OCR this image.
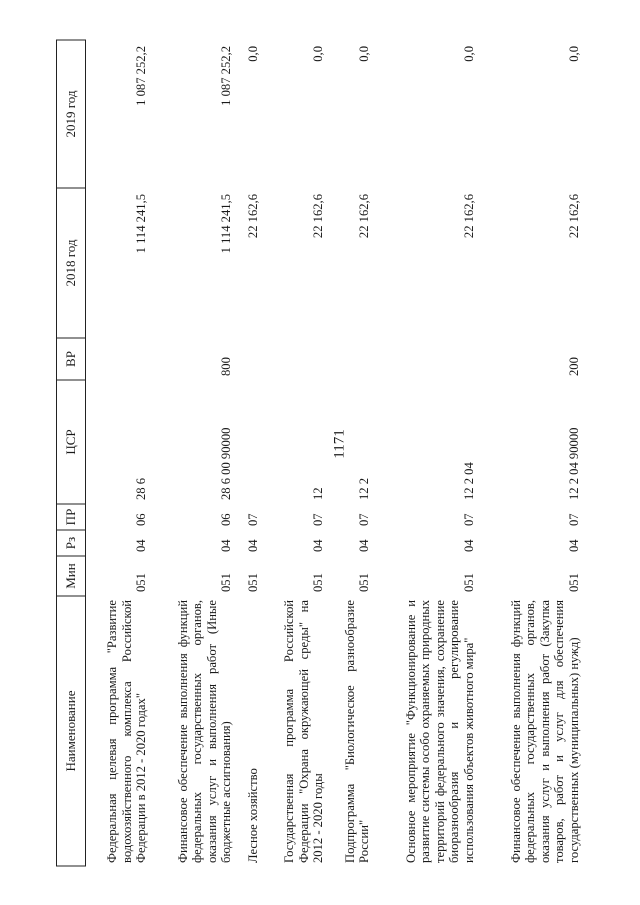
1171
Наименование	Мин	Рз	ПР	ЦСР	ВР	2018 год	2019 год
Федеральная целевая программа "Развитие водохозяйственного комплекса Российской Федерации в 2012 - 2020 годах"	051	04	06	28 6		1 114 241,5	1 087 252,2
Финансовое обеспечение выполнения функций федеральных государственных органов, оказания услуг и выполнения работ (Иные бюджетные ассигнования)	051	04	06	28 6 00 90000	800	1 114 241,5	1 087 252,2
Лесное хозяйство	051	04	07			22 162,6	0,0
Государственная программа Российской Федерации "Охрана окружающей среды" на 2012 - 2020 годы	051	04	07	12		22 162,6	0,0
Подпрограмма "Биологическое разнообразие России"	051	04	07	12 2		22 162,6	0,0
Основное мероприятие "Функционирование и развитие системы особо охраняемых природных территорий федерального значения, сохранение биоразнообразия и регулирование использования объектов животного мира"	051	04	07	12 2 04		22 162,6	0,0
Финансовое обеспечение выполнения функций федеральных государственных органов, оказания услуг и выполнения работ (Закупка товаров, работ и услуг для обеспечения государственных (муниципальных) нужд)	051	04	07	12 2 04 90000	200	22 162,6	0,0
